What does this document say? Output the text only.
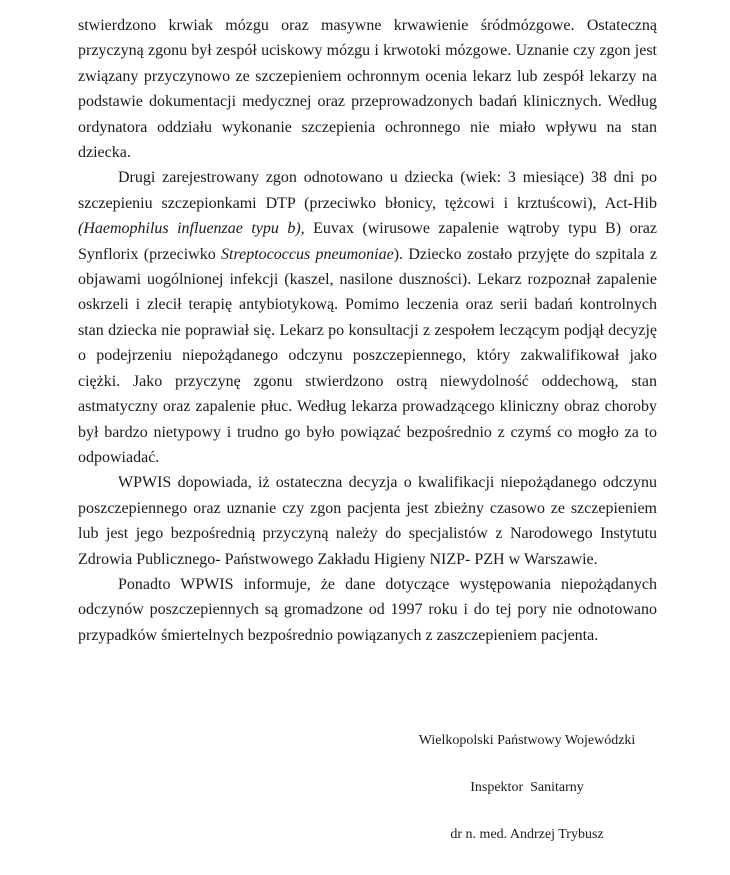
stwierdzono krwiak mózgu oraz masywne krwawienie śródmózgowe. Ostateczną przyczyną zgonu był zespół uciskowy mózgu i krwotoki mózgowe. Uznanie czy zgon jest związany przyczynowo ze szczepieniem ochronnym ocenia lekarz lub zespół lekarzy na podstawie dokumentacji medycznej oraz przeprowadzonych badań klinicznych. Według ordynatora oddziału wykonanie szczepienia ochronnego nie miało wpływu na stan dziecka.

Drugi zarejestrowany zgon odnotowano u dziecka (wiek: 3 miesiące) 38 dni po szczepieniu szczepionkami DTP (przeciwko błonicy, tężcowi i krztuścowi), Act-Hib (Haemophilus influenzae typu b), Euvax (wirusowe zapalenie wątroby typu B) oraz Synflorix (przeciwko Streptococcus pneumoniae). Dziecko zostało przyjęte do szpitala z objawami uogólnionej infekcji (kaszel, nasilone duszności). Lekarz rozpoznał zapalenie oskrzeli i zlecił terapię antybiotykową. Pomimo leczenia oraz serii badań kontrolnych stan dziecka nie poprawiał się. Lekarz po konsultacji z zespołem leczącym podjął decyzję o podejrzeniu niepożądanego odczynu poszczepiennego, który zakwalifikował jako ciężki. Jako przyczynę zgonu stwierdzono ostrą niewydolność oddechową, stan astmatyczny oraz zapalenie płuc. Według lekarza prowadzącego kliniczny obraz choroby był bardzo nietypowy i trudno go było powiązać bezpośrednio z czymś co mogło za to odpowiadać.

WPWIS dopowiada, iż ostateczna decyzja o kwalifikacji niepożądanego odczynu poszczepiennego oraz uznanie czy zgon pacjenta jest zbieżny czasowo ze szczepieniem lub jest jego bezpośrednią przyczyną należy do specjalistów z Narodowego Instytutu Zdrowia Publicznego- Państwowego Zakładu Higieny NIZP- PZH w Warszawie.

Ponadto WPWIS informuje, że dane dotyczące występowania niepożądanych odczynów poszczepiennych są gromadzone od 1997 roku i do tej pory nie odnotowano przypadków śmiertelnych bezpośrednio powiązanych z zaszczepieniem pacjenta.

Wielkopolski Państwowy Wojewódzki

Inspektor  Sanitarny

dr n. med. Andrzej Trybusz
